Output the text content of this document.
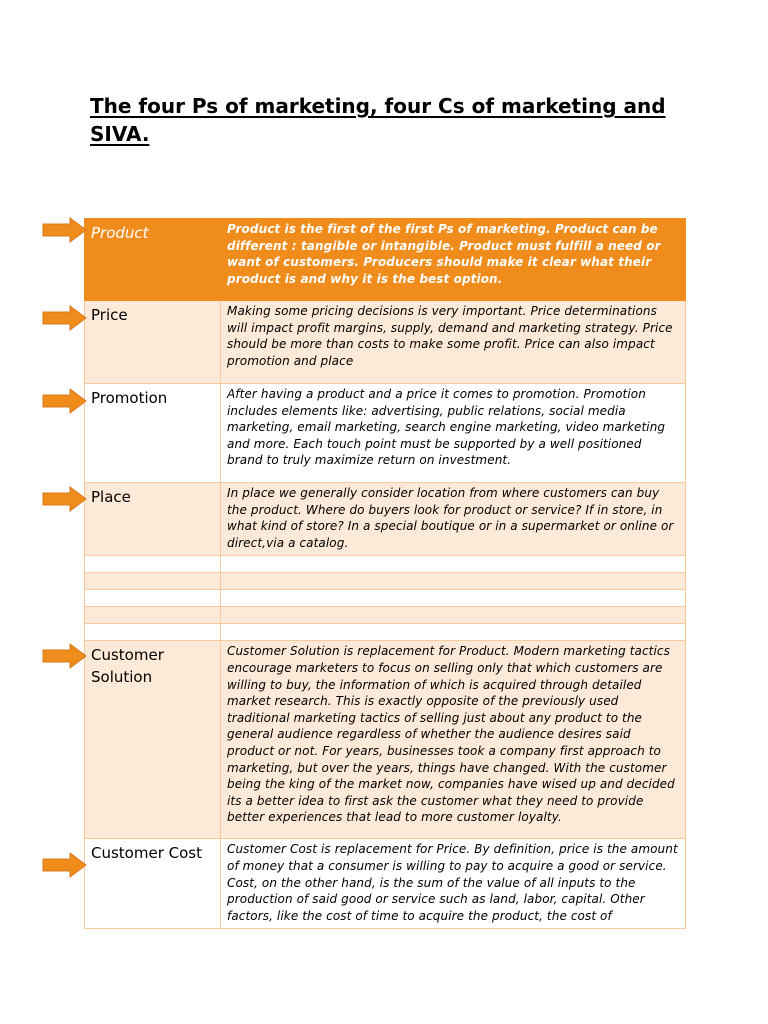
The four Ps of marketing, four Cs of marketing and SIVA.
Product	Product is the first of the first Ps of marketing. Product can be different : tangible or intangible. Product must fulfill a need or want of customers. Producers should make it clear what their product is and why it is the best option.

Price	Making some pricing decisions is very important. Price determinations will impact profit margins, supply, demand and marketing strategy. Price should be more than costs to make some profit. Price can also impact promotion and place

Promotion	After having a product and a price it comes to promotion. Promotion includes elements like: advertising, public relations, social media marketing, email marketing, search engine marketing, video marketing and more. Each touch point must be supported by a well positioned brand to truly maximize return on investment.

Place	In place we generally consider location from where customers can buy the product. Where do buyers look for product or service? If in store, in what kind of store? In a special boutique or in a supermarket or online or direct,via a catalog.

Customer Solution	Customer Solution is replacement for Product. Modern marketing tactics encourage marketers to focus on selling only that which customers are willing to buy, the information of which is acquired through detailed market research. This is exactly opposite of the previously used traditional marketing tactics of selling just about any product to the general audience regardless of whether the audience desires said product or not. For years, businesses took a company first approach to marketing, but over the years, things have changed. With the customer being the king of the market now, companies have wised up and decided its a better idea to first ask the customer what they need to provide better experiences that lead to more customer loyalty.

Customer Cost	Customer Cost is replacement for Price. By definition, price is the amount of money that a consumer is willing to pay to acquire a good or service. Cost, on the other hand, is the sum of the value of all inputs to the production of said good or service such as land, labor, capital. Other factors, like the cost of time to acquire the product, the cost of
